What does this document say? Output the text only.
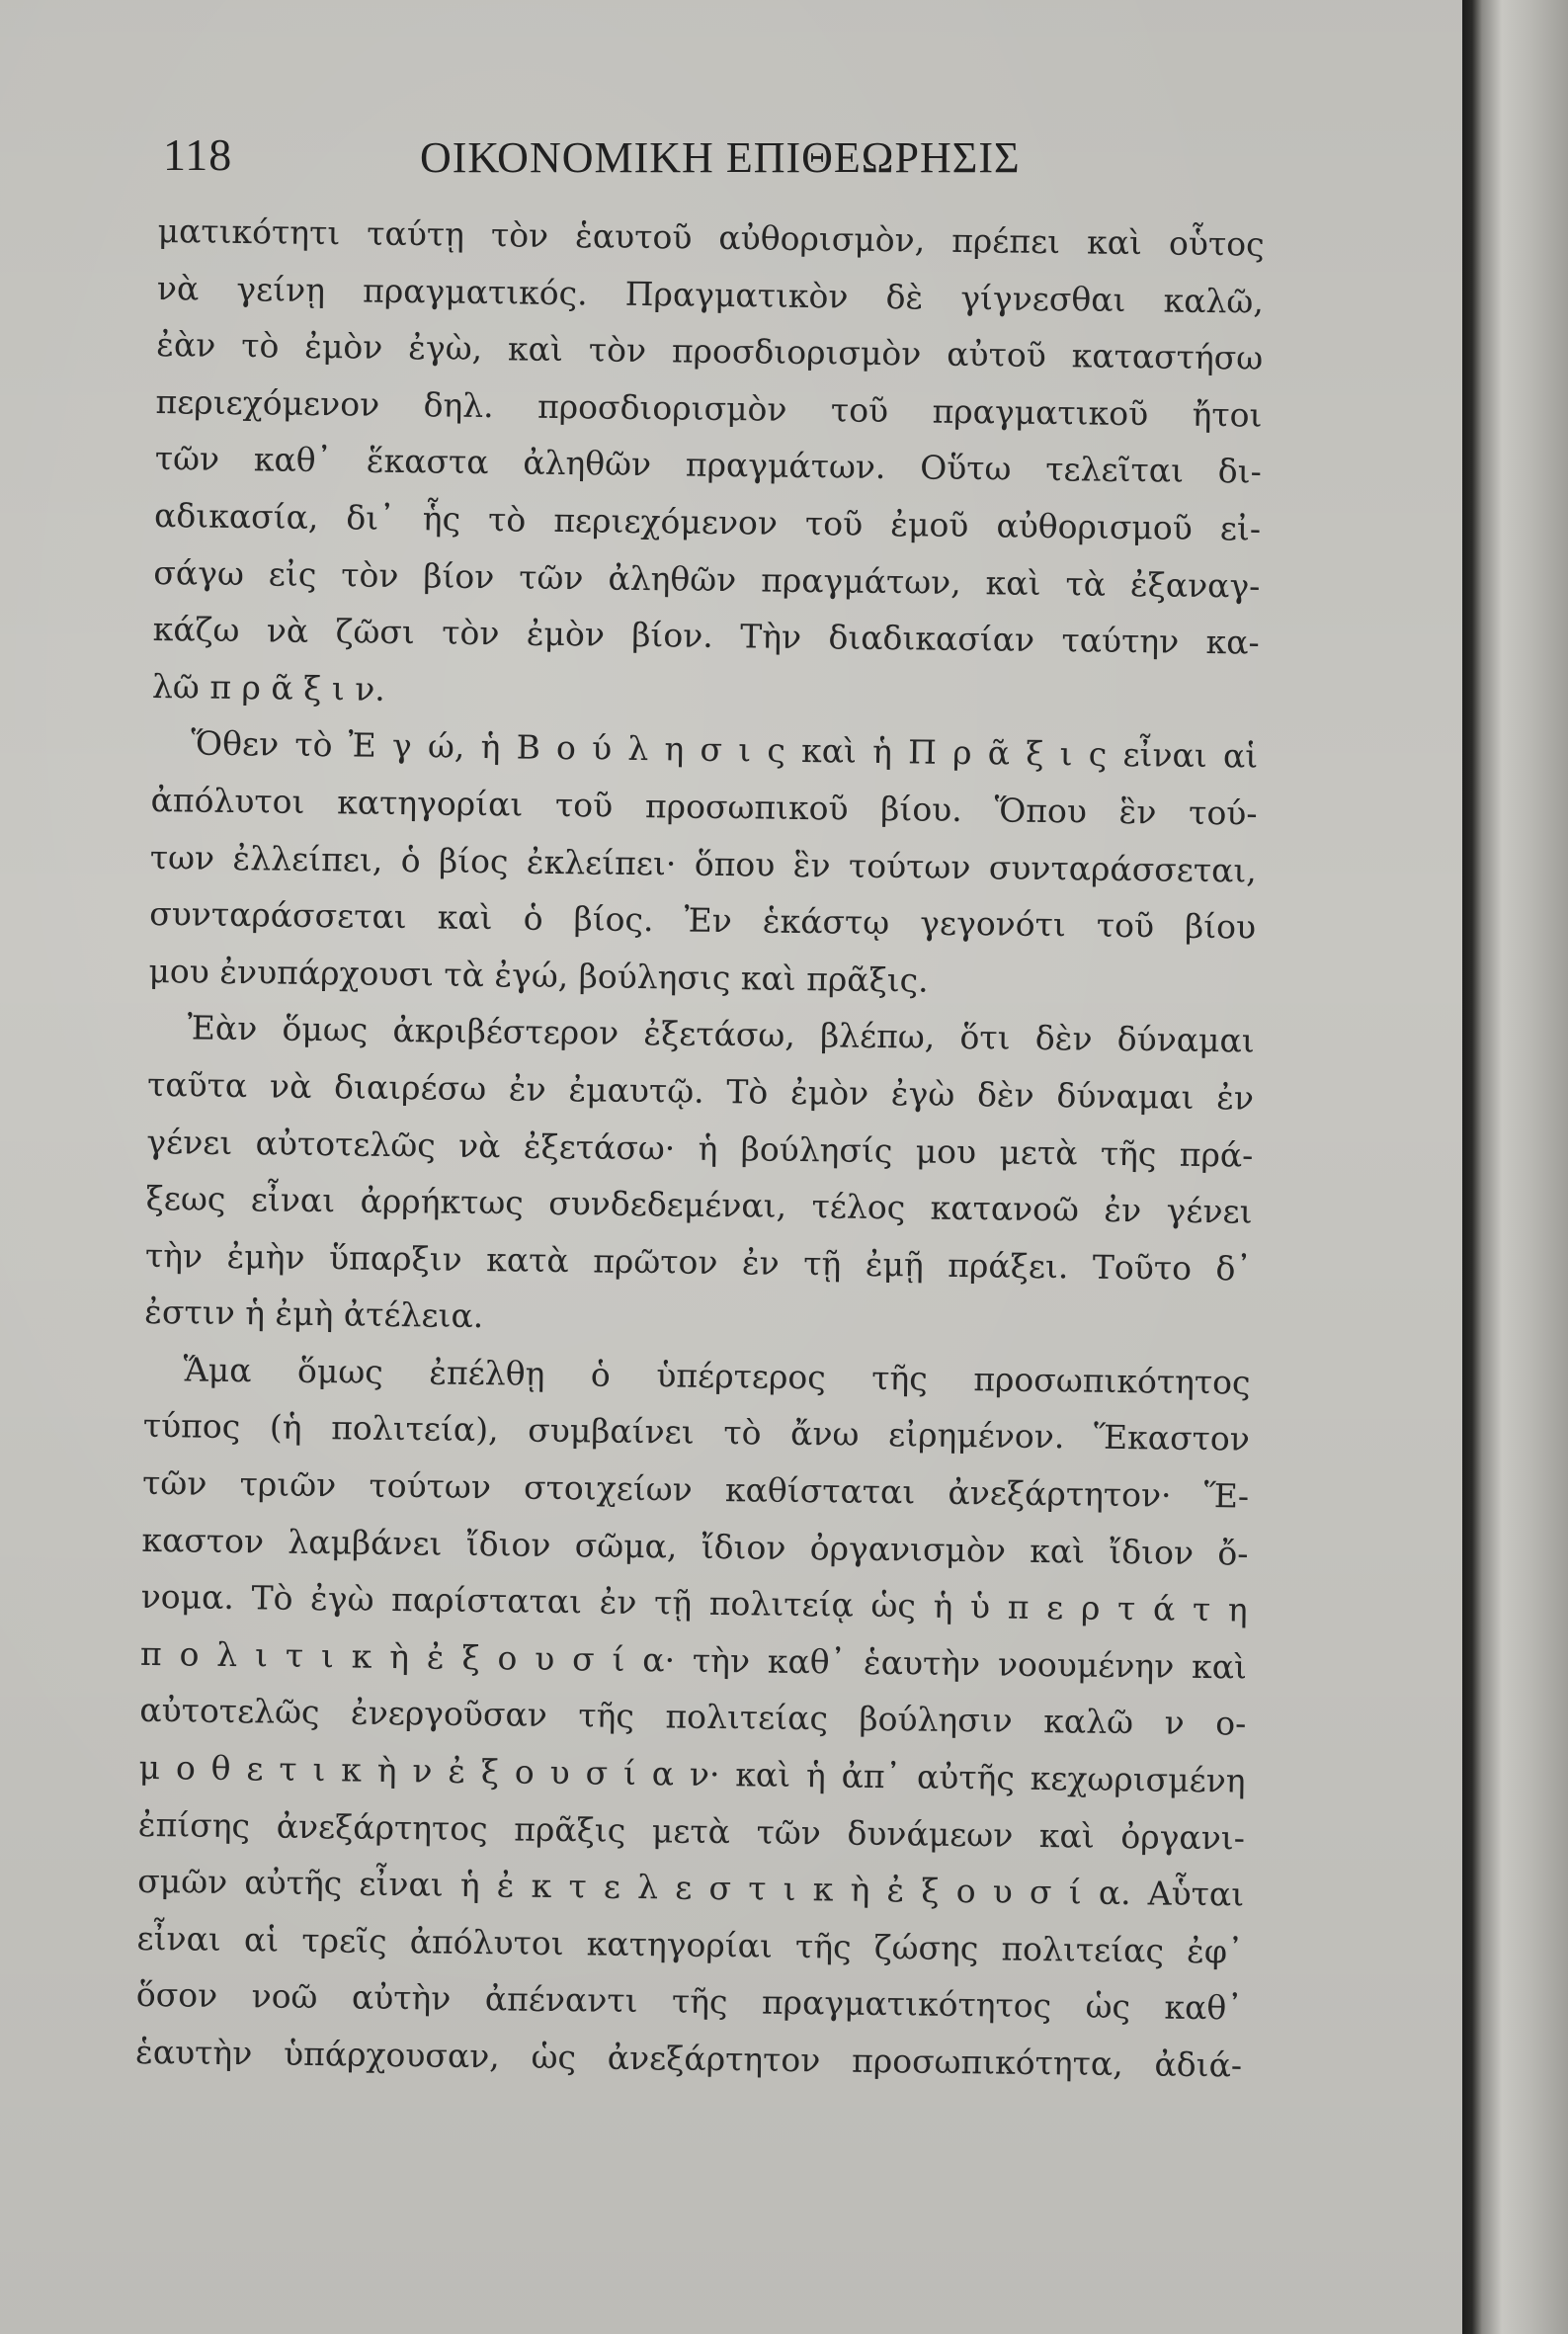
118	ΟΙΚΟΝΟΜΙΚΗ ΕΠΙΘΕΩΡΗΣΙΣ
ματικότητι ταύτῃ τὸν ἑαυτοῦ αὐθορισμὸν, πρέπει καὶ οὗτος
νὰ γείνῃ πραγματικός. Πραγματικὸν δὲ γίγνεσθαι καλῶ,
ἐὰν τὸ ἐμὸν ἐγὼ, καὶ τὸν προσδιορισμὸν αὐτοῦ καταστήσω
περιεχόμενον δηλ. προσδιορισμὸν τοῦ πραγματικοῦ ἤτοι
τῶν καθ᾿ ἕκαστα ἀληθῶν πραγμάτων. Οὕτω τελεῖται δι-
αδικασία, δι᾿ ἧς τὸ περιεχόμενον τοῦ ἐμοῦ αὐθορισμοῦ εἰ-
σάγω εἰς τὸν βίον τῶν ἀληθῶν πραγμάτων, καὶ τὰ ἐξαναγ-
κάζω νὰ ζῶσι τὸν ἐμὸν βίον. Τὴν διαδικασίαν ταύτην κα-
λῶ π ρ ᾶ ξ ι ν.
Ὅθεν τὸ Ἐ γ ώ, ἡ Β ο ύ λ η σ ι ς καὶ ἡ Π ρ ᾶ ξ ι ς εἶναι αἱ
ἀπόλυτοι κατηγορίαι τοῦ προσωπικοῦ βίου. Ὅπου ἓν τού-
των ἐλλείπει, ὁ βίος ἐκλείπει· ὅπου ἓν τούτων συνταράσσεται,
συνταράσσεται καὶ ὁ βίος. Ἐν ἑκάστῳ γεγονότι τοῦ βίου
μου ἐνυπάρχουσι τὰ ἐγώ, βούλησις καὶ πρᾶξις.
Ἐὰν ὅμως ἀκριβέστερον ἐξετάσω, βλέπω, ὅτι δὲν δύναμαι
ταῦτα νὰ διαιρέσω ἐν ἐμαυτῷ. Τὸ ἐμὸν ἐγὼ δὲν δύναμαι ἐν
γένει αὐτοτελῶς νὰ ἐξετάσω· ἡ βούλησίς μου μετὰ τῆς πρά-
ξεως εἶναι ἀρρήκτως συνδεδεμέναι, τέλος κατανοῶ ἐν γένει
τὴν ἐμὴν ὕπαρξιν κατὰ πρῶτον ἐν τῇ ἐμῇ πράξει. Τοῦτο δ᾿
ἐστιν ἡ ἐμὴ ἀτέλεια.
Ἅμα ὅμως ἐπέλθῃ ὁ ὑπέρτερος τῆς προσωπικότητος
τύπος (ἡ πολιτεία), συμβαίνει τὸ ἄνω εἰρημένον. Ἕκαστον
τῶν τριῶν τούτων στοιχείων καθίσταται ἀνεξάρτητον· Ἕ-
καστον λαμβάνει ἴδιον σῶμα, ἴδιον ὀργανισμὸν καὶ ἴδιον ὄ-
νομα. Τὸ ἐγὼ παρίσταται ἐν τῇ πολιτείᾳ ὡς ἡ ὑ π ε ρ τ ά τ η
π ο λ ι τ ι κ ὴ ἐ ξ ο υ σ ί α· τὴν καθ᾿ ἑαυτὴν νοουμένην καὶ
αὐτοτελῶς ἐνεργοῦσαν τῆς πολιτείας βούλησιν καλῶ ν ο-
μ ο θ ε τ ι κ ὴ ν ἐ ξ ο υ σ ί α ν· καὶ ἡ ἀπ᾿ αὐτῆς κεχωρισμένη
ἐπίσης ἀνεξάρτητος πρᾶξις μετὰ τῶν δυνάμεων καὶ ὀργανι-
σμῶν αὐτῆς εἶναι ἡ ἐ κ τ ε λ ε σ τ ι κ ὴ ἐ ξ ο υ σ ί α. Αὗται
εἶναι αἱ τρεῖς ἀπόλυτοι κατηγορίαι τῆς ζώσης πολιτείας ἐφ᾿
ὅσον νοῶ αὐτὴν ἀπέναντι τῆς πραγματικότητος ὡς καθ᾿
ἑαυτὴν ὑπάρχουσαν, ὡς ἀνεξάρτητον προσωπικότητα, ἀδιά-
